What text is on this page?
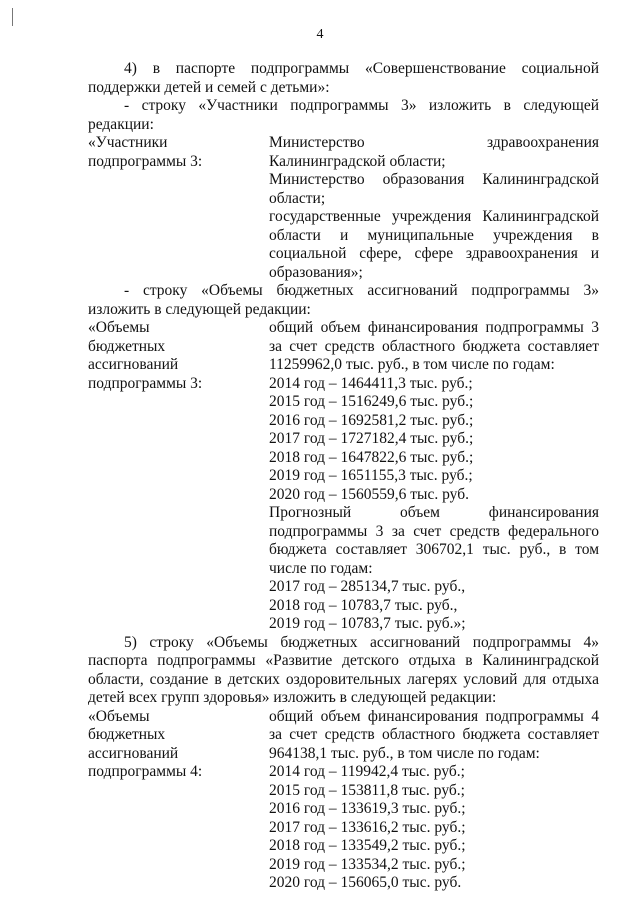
4

4) в паспорте подпрограммы «Совершенствование социальной поддержки детей и семей с детьми»:

- строку «Участники подпрограммы 3» изложить в следующей редакции:

«Участники подпрограммы 3:

Министерство здравоохранения Калининградской области;

Министерство образования Калининградской области;

государственные учреждения Калининградской области и муниципальные учреждения в социальной сфере, сфере здравоохранения и образования»;

- строку «Объемы бюджетных ассигнований подпрограммы 3» изложить в следующей редакции:

«Объемы бюджетных ассигнований подпрограммы 3:

общий объем финансирования подпрограммы 3 за счет средств областного бюджета составляет 11259962,0 тыс. руб., в том числе по годам:

2014 год – 1464411,3 тыс. руб.;

2015 год – 1516249,6 тыс. руб.;

2016 год – 1692581,2 тыс. руб.;

2017 год – 1727182,4 тыс. руб.;

2018 год – 1647822,6 тыс. руб.;

2019 год – 1651155,3 тыс. руб.;

2020 год – 1560559,6 тыс. руб.

Прогнозный объем финансирования подпрограммы 3 за счет средств федерального бюджета составляет 306702,1 тыс. руб., в том числе по годам:

2017 год – 285134,7 тыс. руб.,

2018 год – 10783,7 тыс. руб.,

2019 год – 10783,7 тыс. руб.»;

5) строку «Объемы бюджетных ассигнований подпрограммы 4» паспорта подпрограммы «Развитие детского отдыха в Калининградской области, создание в детских оздоровительных лагерях условий для отдыха детей всех групп здоровья» изложить в следующей редакции:

«Объемы бюджетных ассигнований подпрограммы 4:

общий объем финансирования подпрограммы 4 за счет средств областного бюджета составляет 964138,1 тыс. руб., в том числе по годам:

2014 год – 119942,4 тыс. руб.;

2015 год – 153811,8 тыс. руб.;

2016 год – 133619,3 тыс. руб.;

2017 год – 133616,2 тыс. руб.;

2018 год – 133549,2 тыс. руб.;

2019 год – 133534,2 тыс. руб.;

2020 год – 156065,0 тыс. руб.
